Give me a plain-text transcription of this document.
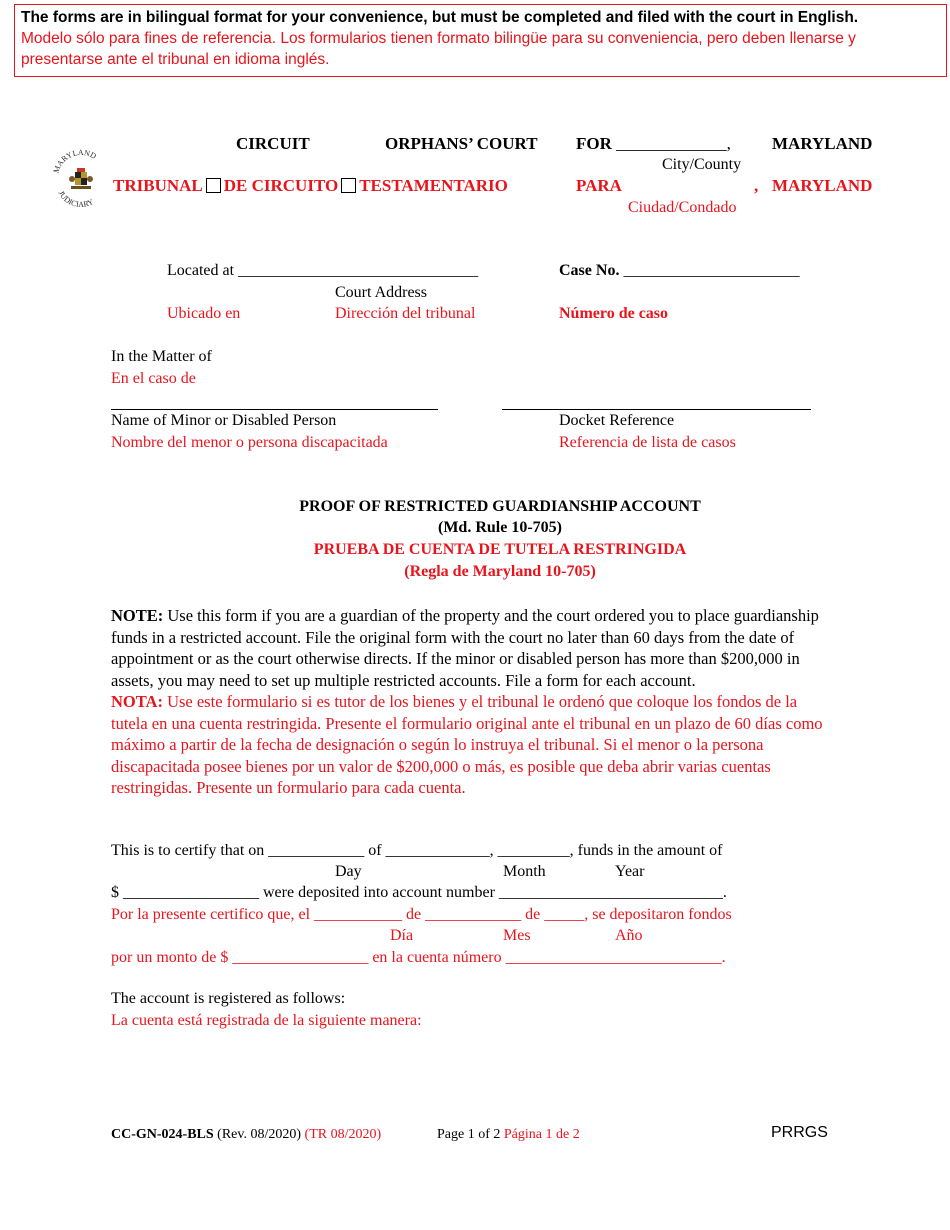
The forms are in bilingual format for your convenience, but must be completed and filed with the court in English.

Modelo sólo para fines de referencia. Los formularios tienen formato bilingüe para su conveniencia, pero deben llenarse y presentarse ante el tribunal en idioma inglés.

MARYLAND
JUDICIARY
CIRCUIT	ORPHANS’ COURT FOR _____________, MARYLAND
City/County
TRIBUNAL DE CIRCUITO TESTAMENTARIO	PARA	, MARYLAND
Ciudad/Condado
Located at ______________________________
Court Address
Ubicado en	Dirección del tribunal
Case No. ______________________
Número de caso
In the Matter of
En el caso de
Name of Minor or Disabled Person
Nombre del menor o persona discapacitada
Docket Reference
Referencia de lista de casos
PROOF OF RESTRICTED GUARDIANSHIP ACCOUNT
(Md. Rule 10-705)
PRUEBA DE CUENTA DE TUTELA RESTRINGIDA
(Regla de Maryland 10-705)

NOTE: Use this form if you are a guardian of the property and the court ordered you to place guardianship funds in a restricted account. File the original form with the court no later than 60 days from the date of appointment or as the court otherwise directs. If the minor or disabled person has more than $200,000 in assets, you may need to set up multiple restricted accounts. File a form for each account.

NOTA: Use este formulario si es tutor de los bienes y el tribunal le ordenó que coloque los fondos de la tutela en una cuenta restringida. Presente el formulario original ante el tribunal en un plazo de 60 días como máximo a partir de la fecha de designación o según lo instruya el tribunal. Si el menor o la persona discapacitada posee bienes por un valor de $200,000 o más, es posible que deba abrir varias cuentas restringidas. Presente un formulario para cada cuenta.

This is to certify that on ____________ of _____________, _________, funds in the amount of
Day	Month	Year
$ _________________ were deposited into account number ____________________________.
Por la presente certifico que, el ___________ de ____________ de _____, se depositaron fondos
Día	Mes	Año
por un monto de $ _________________ en la cuenta número ___________________________.
The account is registered as follows:
La cuenta está registrada de la siguiente manera:
CC-GN-024-BLS (Rev. 08/2020) (TR 08/2020)	Page 1 of 2 Página 1 de 2	PRRGS
